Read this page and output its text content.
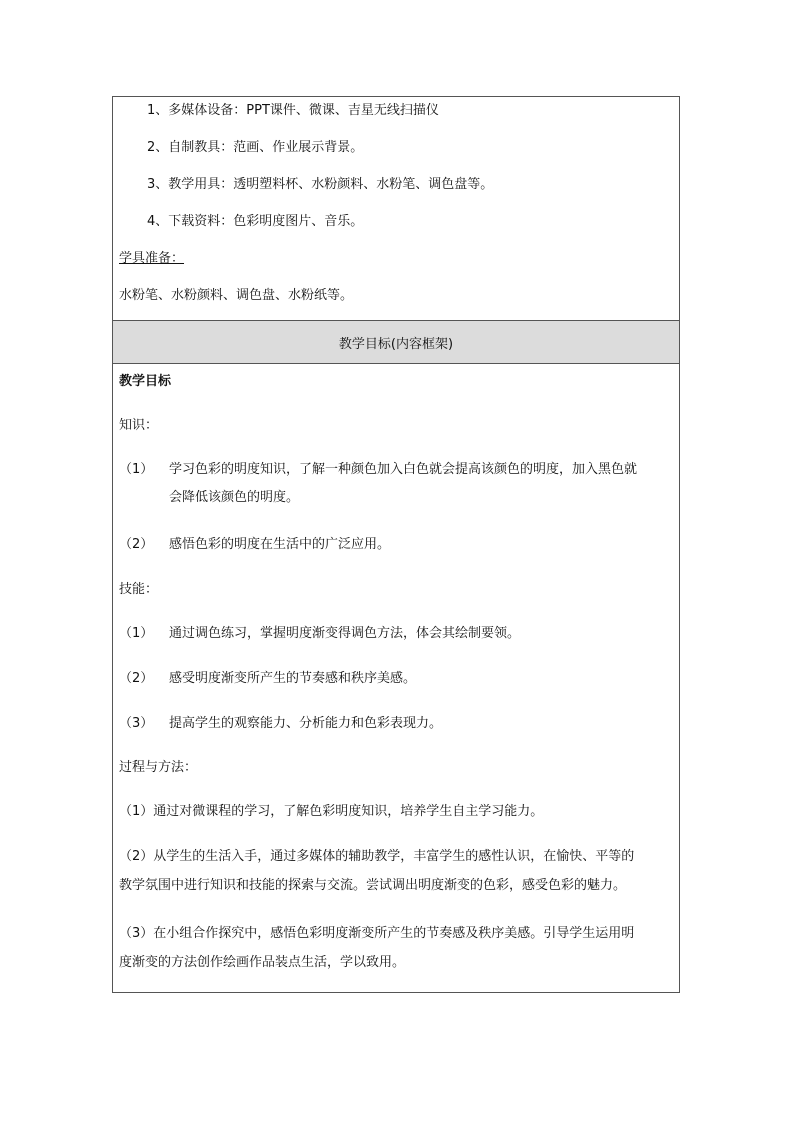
1、多媒体设备：PPT课件、微课、吉星无线扫描仪
2、自制教具：范画、作业展示背景。
3、教学用具：透明塑料杯、水粉颜料、水粉笔、调色盘等。
4、下载资料：色彩明度图片、音乐。
学具准备：
水粉笔、水粉颜料、调色盘、水粉纸等。
教学目标(内容框架)
教学目标
知识：
（1） 学习色彩的明度知识，了解一种颜色加入白色就会提高该颜色的明度，加入黑色就
会降低该颜色的明度。
（2） 感悟色彩的明度在生活中的广泛应用。
技能：
（1） 通过调色练习，掌握明度渐变得调色方法，体会其绘制要领。
（2） 感受明度渐变所产生的节奏感和秩序美感。
（3） 提高学生的观察能力、分析能力和色彩表现力。
过程与方法：
（1）通过对微课程的学习，了解色彩明度知识，培养学生自主学习能力。
（2）从学生的生活入手，通过多媒体的辅助教学，丰富学生的感性认识，在愉快、平等的
教学氛围中进行知识和技能的探索与交流。尝试调出明度渐变的色彩，感受色彩的魅力。
（3）在小组合作探究中，感悟色彩明度渐变所产生的节奏感及秩序美感。引导学生运用明
度渐变的方法创作绘画作品装点生活，学以致用。
